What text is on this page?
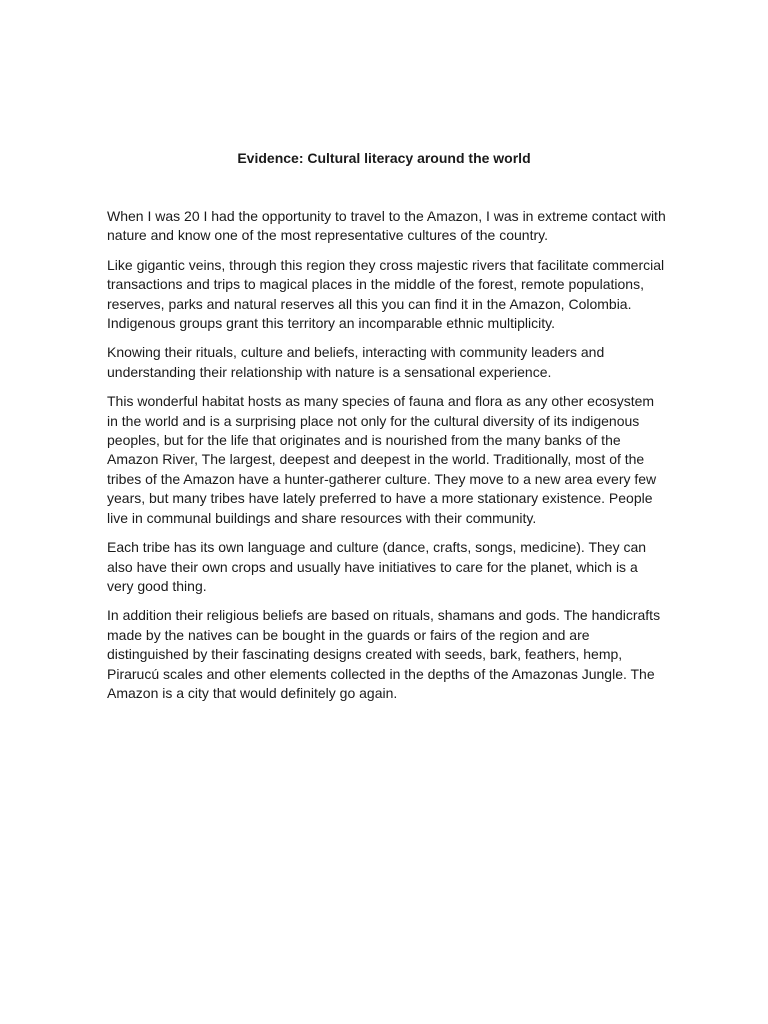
Evidence: Cultural literacy around the world

When I was 20 I had the opportunity to travel to the Amazon, I was in extreme contact with nature and know one of the most representative cultures of the country.

Like gigantic veins, through this region they cross majestic rivers that facilitate commercial transactions and trips to magical places in the middle of the forest, remote populations, reserves, parks and natural reserves all this you can find it in the Amazon, Colombia. Indigenous groups grant this territory an incomparable ethnic multiplicity.

Knowing their rituals, culture and beliefs, interacting with community leaders and understanding their relationship with nature is a sensational experience.

This wonderful habitat hosts as many species of fauna and flora as any other ecosystem in the world and is a surprising place not only for the cultural diversity of its indigenous peoples, but for the life that originates and is nourished from the many banks of the Amazon River, The largest, deepest and deepest in the world. Traditionally, most of the tribes of the Amazon have a hunter-gatherer culture. They move to a new area every few years, but many tribes have lately preferred to have a more stationary existence. People live in communal buildings and share resources with their community.

Each tribe has its own language and culture (dance, crafts, songs, medicine). They can also have their own crops and usually have initiatives to care for the planet, which is a very good thing.

In addition their religious beliefs are based on rituals, shamans and gods. The handicrafts made by the natives can be bought in the guards or fairs of the region and are distinguished by their fascinating designs created with seeds, bark, feathers, hemp, Pirarucú scales and other elements collected in the depths of the Amazonas Jungle. The Amazon is a city that would definitely go again.
